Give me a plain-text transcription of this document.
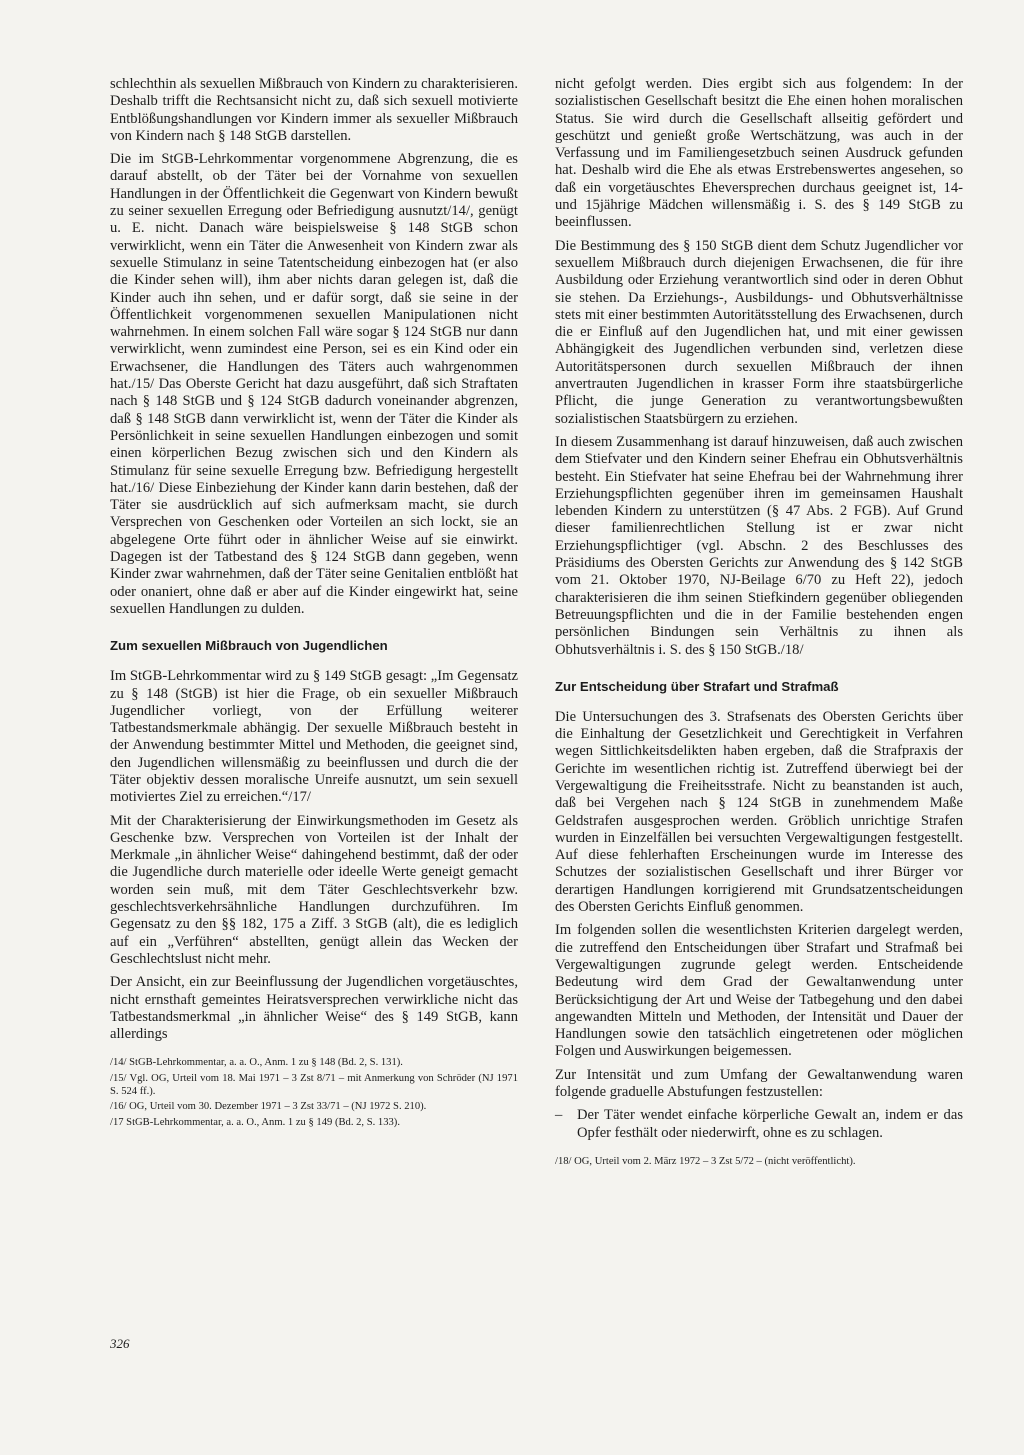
schlechthin als sexuellen Mißbrauch von Kindern zu charakterisieren. Deshalb trifft die Rechtsansicht nicht zu, daß sich sexuell motivierte Entblößungshandlungen vor Kindern immer als sexueller Mißbrauch von Kindern nach § 148 StGB darstellen.

Die im StGB-Lehrkommentar vorgenommene Abgrenzung, die es darauf abstellt, ob der Täter bei der Vornahme von sexuellen Handlungen in der Öffentlichkeit die Gegenwart von Kindern bewußt zu seiner sexuellen Erregung oder Befriedigung ausnutzt/14/, genügt u. E. nicht. Danach wäre beispielsweise § 148 StGB schon verwirklicht, wenn ein Täter die Anwesenheit von Kindern zwar als sexuelle Stimulanz in seine Tatentscheidung einbezogen hat (er also die Kinder sehen will), ihm aber nichts daran gelegen ist, daß die Kinder auch ihn sehen, und er dafür sorgt, daß sie seine in der Öffentlichkeit vorgenommenen sexuellen Manipulationen nicht wahrnehmen. In einem solchen Fall wäre sogar § 124 StGB nur dann verwirklicht, wenn zumindest eine Person, sei es ein Kind oder ein Erwachsener, die Handlungen des Täters auch wahrgenommen hat./15/ Das Oberste Gericht hat dazu ausgeführt, daß sich Straftaten nach § 148 StGB und § 124 StGB dadurch voneinander abgrenzen, daß § 148 StGB dann verwirklicht ist, wenn der Täter die Kinder als Persönlichkeit in seine sexuellen Handlungen einbezogen und somit einen körperlichen Bezug zwischen sich und den Kindern als Stimulanz für seine sexuelle Erregung bzw. Befriedigung hergestellt hat./16/ Diese Einbeziehung der Kinder kann darin bestehen, daß der Täter sie ausdrücklich auf sich aufmerksam macht, sie durch Versprechen von Geschenken oder Vorteilen an sich lockt, sie an abgelegene Orte führt oder in ähnlicher Weise auf sie einwirkt. Dagegen ist der Tatbestand des § 124 StGB dann gegeben, wenn Kinder zwar wahrnehmen, daß der Täter seine Genitalien entblößt hat oder onaniert, ohne daß er aber auf die Kinder eingewirkt hat, seine sexuellen Handlungen zu dulden.

Zum sexuellen Mißbrauch von Jugendlichen

Im StGB-Lehrkommentar wird zu § 149 StGB gesagt: „Im Gegensatz zu § 148 (StGB) ist hier die Frage, ob ein sexueller Mißbrauch Jugendlicher vorliegt, von der Erfüllung weiterer Tatbestandsmerkmale abhängig. Der sexuelle Mißbrauch besteht in der Anwendung bestimmter Mittel und Methoden, die geeignet sind, den Jugendlichen willensmäßig zu beeinflussen und durch die der Täter objektiv dessen moralische Unreife ausnutzt, um sein sexuell motiviertes Ziel zu erreichen.“/17/

Mit der Charakterisierung der Einwirkungsmethoden im Gesetz als Geschenke bzw. Versprechen von Vorteilen ist der Inhalt der Merkmale „in ähnlicher Weise“ dahingehend bestimmt, daß der oder die Jugendliche durch materielle oder ideelle Werte geneigt gemacht worden sein muß, mit dem Täter Geschlechtsverkehr bzw. geschlechtsverkehrsähnliche Handlungen durchzuführen. Im Gegensatz zu den §§ 182, 175 a Ziff. 3 StGB (alt), die es lediglich auf ein „Verführen“ abstellten, genügt allein das Wecken der Geschlechtslust nicht mehr.

Der Ansicht, ein zur Beeinflussung der Jugendlichen vorgetäuschtes, nicht ernsthaft gemeintes Heiratsversprechen verwirkliche nicht das Tatbestandsmerkmal „in ähnlicher Weise“ des § 149 StGB, kann allerdings

/14/ StGB-Lehrkommentar, a. a. O., Anm. 1 zu § 148 (Bd. 2, S. 131).

/15/ Vgl. OG, Urteil vom 18. Mai 1971 – 3 Zst 8/71 – mit Anmerkung von Schröder (NJ 1971 S. 524 ff.).

/16/ OG, Urteil vom 30. Dezember 1971 – 3 Zst 33/71 – (NJ 1972 S. 210).

/17 StGB-Lehrkommentar, a. a. O., Anm. 1 zu § 149 (Bd. 2, S. 133).

nicht gefolgt werden. Dies ergibt sich aus folgendem: In der sozialistischen Gesellschaft besitzt die Ehe einen hohen moralischen Status. Sie wird durch die Gesellschaft allseitig gefördert und geschützt und genießt große Wertschätzung, was auch in der Verfassung und im Familiengesetzbuch seinen Ausdruck gefunden hat. Deshalb wird die Ehe als etwas Erstrebenswertes angesehen, so daß ein vorgetäuschtes Eheversprechen durchaus geeignet ist, 14- und 15jährige Mädchen willensmäßig i. S. des § 149 StGB zu beeinflussen.

Die Bestimmung des § 150 StGB dient dem Schutz Jugendlicher vor sexuellem Mißbrauch durch diejenigen Erwachsenen, die für ihre Ausbildung oder Erziehung verantwortlich sind oder in deren Obhut sie stehen. Da Erziehungs-, Ausbildungs- und Obhutsverhältnisse stets mit einer bestimmten Autoritätsstellung des Erwachsenen, durch die er Einfluß auf den Jugendlichen hat, und mit einer gewissen Abhängigkeit des Jugendlichen verbunden sind, verletzen diese Autoritätspersonen durch sexuellen Mißbrauch der ihnen anvertrauten Jugendlichen in krasser Form ihre staatsbürgerliche Pflicht, die junge Generation zu verantwortungsbewußten sozialistischen Staatsbürgern zu erziehen.

In diesem Zusammenhang ist darauf hinzuweisen, daß auch zwischen dem Stiefvater und den Kindern seiner Ehefrau ein Obhutsverhältnis besteht. Ein Stiefvater hat seine Ehefrau bei der Wahrnehmung ihrer Erziehungspflichten gegenüber ihren im gemeinsamen Haushalt lebenden Kindern zu unterstützen (§ 47 Abs. 2 FGB). Auf Grund dieser familienrechtlichen Stellung ist er zwar nicht Erziehungspflichtiger (vgl. Abschn. 2 des Beschlusses des Präsidiums des Obersten Gerichts zur Anwendung des § 142 StGB vom 21. Oktober 1970, NJ-Beilage 6/70 zu Heft 22), jedoch charakterisieren die ihm seinen Stiefkindern gegenüber obliegenden Betreuungspflichten und die in der Familie bestehenden engen persönlichen Bindungen sein Verhältnis zu ihnen als Obhutsverhältnis i. S. des § 150 StGB./18/

Zur Entscheidung über Strafart und Strafmaß

Die Untersuchungen des 3. Strafsenats des Obersten Gerichts über die Einhaltung der Gesetzlichkeit und Gerechtigkeit in Verfahren wegen Sittlichkeitsdelikten haben ergeben, daß die Strafpraxis der Gerichte im wesentlichen richtig ist. Zutreffend überwiegt bei der Vergewaltigung die Freiheitsstrafe. Nicht zu beanstanden ist auch, daß bei Vergehen nach § 124 StGB in zunehmendem Maße Geldstrafen ausgesprochen werden. Gröblich unrichtige Strafen wurden in Einzelfällen bei versuchten Vergewaltigungen festgestellt. Auf diese fehlerhaften Erscheinungen wurde im Interesse des Schutzes der sozialistischen Gesellschaft und ihrer Bürger vor derartigen Handlungen korrigierend mit Grundsatzentscheidungen des Obersten Gerichts Einfluß genommen.

Im folgenden sollen die wesentlichsten Kriterien dargelegt werden, die zutreffend den Entscheidungen über Strafart und Strafmaß bei Vergewaltigungen zugrunde gelegt werden. Entscheidende Bedeutung wird dem Grad der Gewaltanwendung unter Berücksichtigung der Art und Weise der Tatbegehung und den dabei angewandten Mitteln und Methoden, der Intensität und Dauer der Handlungen sowie den tatsächlich eingetretenen oder möglichen Folgen und Auswirkungen beigemessen.

Zur Intensität und zum Umfang der Gewaltanwendung waren folgende graduelle Abstufungen festzustellen:

–	Der Täter wendet einfache körperliche Gewalt an, indem er das Opfer festhält oder niederwirft, ohne es zu schlagen.

/18/ OG, Urteil vom 2. März 1972 – 3 Zst 5/72 – (nicht veröffentlicht).

326
